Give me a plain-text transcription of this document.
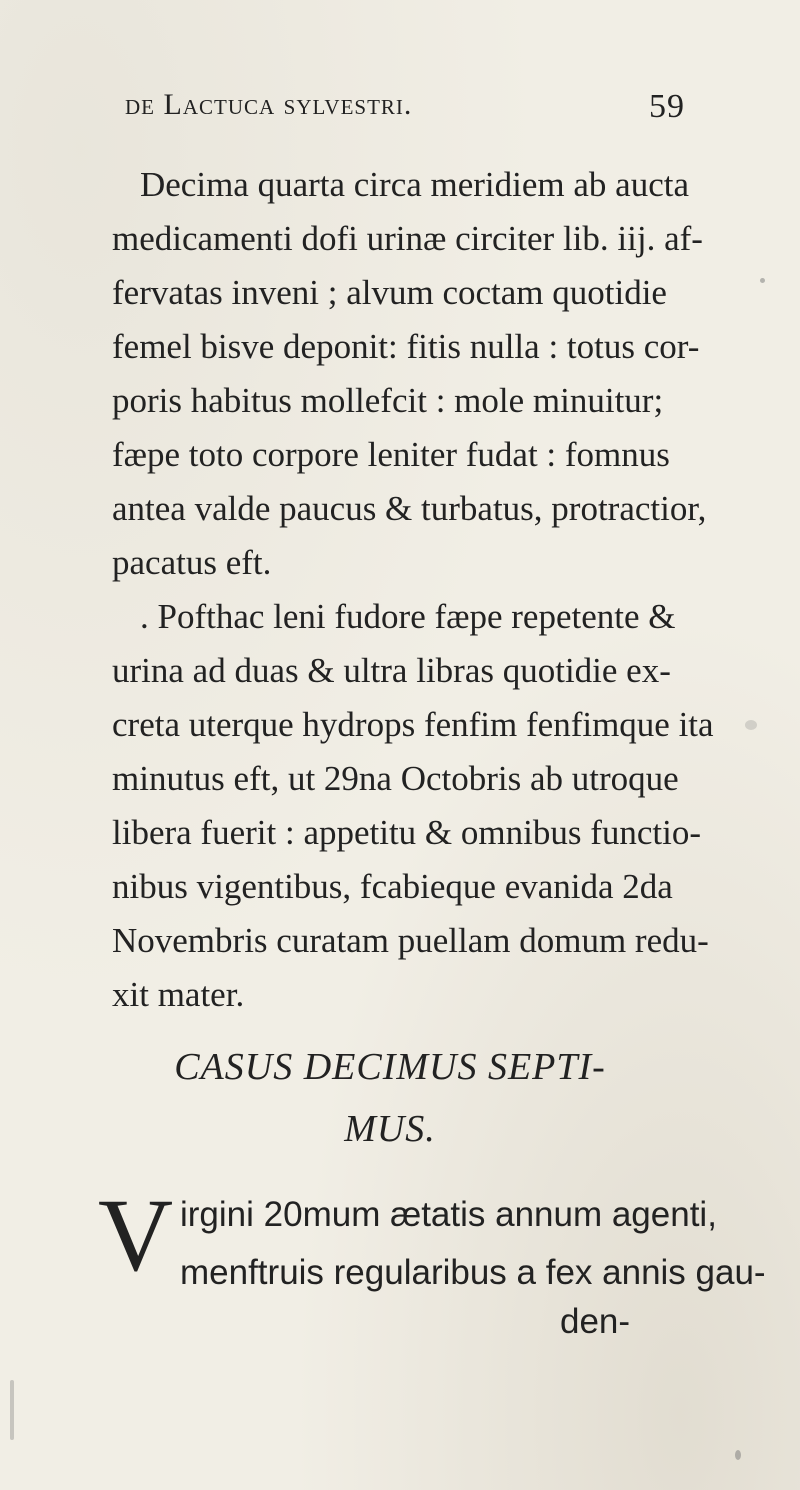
de Lactuca sylvestri.	59
Decima quarta circa meridiem ab aucta
medicamenti dofi urinæ circiter lib. iij. af-
fervatas inveni ; alvum coctam quotidie
femel bisve deponit: fitis nulla : totus cor-
poris habitus mollefcit : mole minuitur;
fæpe toto corpore leniter fudat : fomnus
antea valde paucus & turbatus, protractior,
pacatus eft.
. Pofthac leni fudore fæpe repetente &
urina ad duas & ultra libras quotidie ex-
creta uterque hydrops fenfim fenfimque ita
minutus eft, ut 29na Octobris ab utroque
libera fuerit : appetitu & omnibus functio-
nibus vigentibus, fcabieque evanida 2da
Novembris curatam puellam domum redu-
xit mater.
CASUS DECIMUS SEPTI-
MUS.
V irgini 20mum ætatis annum agenti,
menftruis regularibus a fex annis gau-
den-
